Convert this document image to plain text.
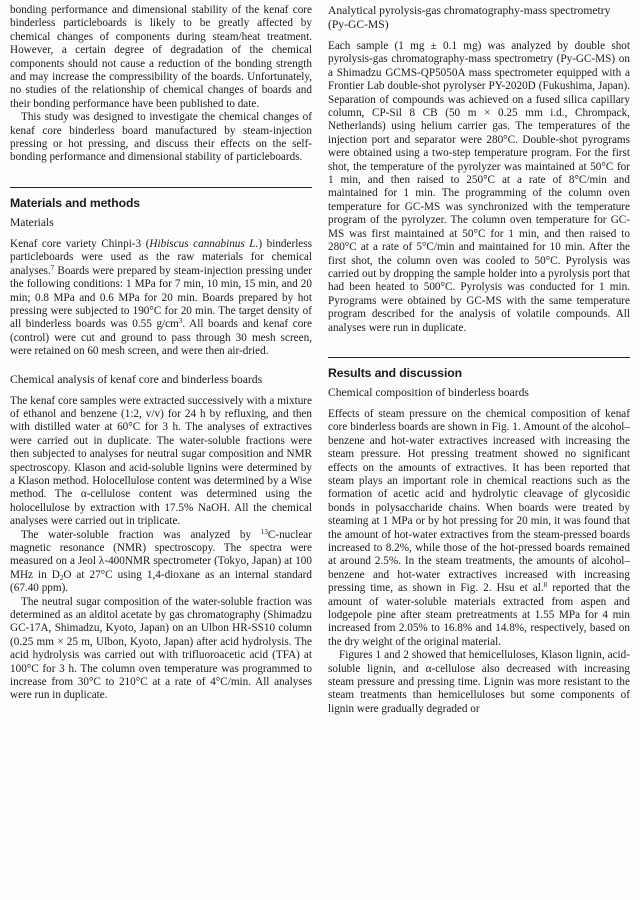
bonding performance and dimensional stability of the kenaf core binderless particleboards is likely to be greatly affected by chemical changes of components during steam/heat treatment. However, a certain degree of degradation of the chemical components should not cause a reduction of the bonding strength and may increase the compressibility of the boards. Unfortunately, no studies of the relationship of chemical changes of boards and their bonding performance have been published to date.

This study was designed to investigate the chemical changes of kenaf core binderless board manufactured by steam-injection pressing or hot pressing, and discuss their effects on the self-bonding performance and dimensional stability of particleboards.

Materials and methods
Materials

Kenaf core variety Chinpi-3 (Hibiscus cannabinus L.) binderless particleboards were used as the raw materials for chemical analyses.$^7$ Boards were prepared by steam-injection pressing under the following conditions: 1 MPa for 7 min, 10 min, 15 min, and 20 min; 0.8 MPa and 0.6 MPa for 20 min. Boards prepared by hot pressing were subjected to 190°C for 20 min. The target density of all binderless boards was 0.55 $g/cm^3$. All boards and kenaf core (control) were cut and ground to pass through 30 mesh screen, were retained on 60 mesh screen, and were then air-dried.

Chemical analysis of kenaf core and binderless boards

The kenaf core samples were extracted successively with a mixture of ethanol and benzene (1:2, v/v) for 24 h by refluxing, and then with distilled water at 60°C for 3 h. The analyses of extractives were carried out in duplicate. The water-soluble fractions were then subjected to analyses for neutral sugar composition and NMR spectroscopy. Klason and acid-soluble lignins were determined by a Klason method. Holocellulose content was determined by a Wise method. The α-cellulose content was determined using the holocellulose by extraction with 17.5% NaOH. All the chemical analyses were carried out in triplicate.

The water-soluble fraction was analyzed by $^{13}$C-nuclear magnetic resonance (NMR) spectroscopy. The spectra were measured on a Jeol λ-400NMR spectrometer (Tokyo, Japan) at 100 MHz in $D_2O$ at 27°C using 1,4-dioxane as an internal standard (67.40 ppm).

The neutral sugar composition of the water-soluble fraction was determined as an alditol acetate by gas chromatography (Shimadzu GC-17A, Shimadzu, Kyoto, Japan) on an Ulbon HR-SS10 column (0.25 mm × 25 m, Ulbon, Kyoto, Japan) after acid hydrolysis. The acid hydrolysis was carried out with trifluoroacetic acid (TFA) at 100°C for 3 h. The column oven temperature was programmed to increase from 30°C to 210°C at a rate of 4°C/min. All analyses were run in duplicate.

Analytical pyrolysis-gas chromatography-mass spectrometry (Py-GC-MS)

Each sample (1 mg ± 0.1 mg) was analyzed by double shot pyrolysis-gas chromatography-mass spectrometry (Py-GC-MS) on a Shimadzu GCMS-QP5050A mass spectrometer equipped with a Frontier Lab double-shot pyrolyser PY-2020D (Fukushima, Japan). Separation of compounds was achieved on a fused silica capillary column, CP-Sil 8 CB (50 m × 0.25 mm i.d., Chrompack, Netherlands) using helium carrier gas. The temperatures of the injection port and separator were 280°C. Double-shot pyrograms were obtained using a two-step temperature program. For the first shot, the temperature of the pyrolyzer was maintained at 50°C for 1 min, and then raised to 250°C at a rate of 8°C/min and maintained for 1 min. The programming of the column oven temperature for GC-MS was synchronized with the temperature program of the pyrolyzer. The column oven temperature for GC-MS was first maintained at 50°C for 1 min, and then raised to 280°C at a rate of 5°C/min and maintained for 10 min. After the first shot, the column oven was cooled to 50°C. Pyrolysis was carried out by dropping the sample holder into a pyrolysis port that had been heated to 500°C. Pyrolysis was conducted for 1 min. Pyrograms were obtained by GC-MS with the same temperature program described for the analysis of volatile compounds. All analyses were run in duplicate.

Results and discussion
Chemical composition of binderless boards

Effects of steam pressure on the chemical composition of kenaf core binderless boards are shown in Fig. 1. Amount of the alcohol–benzene and hot-water extractives increased with increasing the steam pressure. Hot pressing treatment showed no significant effects on the amounts of extractives. It has been reported that steam plays an important role in chemical reactions such as the formation of acetic acid and hydrolytic cleavage of glycosidic bonds in polysaccharide chains. When boards were treated by steaming at 1 MPa or by hot pressing for 20 min, it was found that the amount of hot-water extractives from the steam-pressed boards increased to 8.2%, while those of the hot-pressed boards remained at around 2.5%. In the steam treatments, the amounts of alcohol–benzene and hot-water extractives increased with increasing pressing time, as shown in Fig. 2. Hsu et al.$^8$ reported that the amount of water-soluble materials extracted from aspen and lodgepole pine after steam pretreatments at 1.55 MPa for 4 min increased from 2.05% to 16.8% and 14.8%, respectively, based on the dry weight of the original material.

Figures 1 and 2 showed that hemicelluloses, Klason lignin, acid-soluble lignin, and α-cellulose also decreased with increasing steam pressure and pressing time. Lignin was more resistant to the steam treatments than hemicelluloses but some components of lignin were gradually degraded or
